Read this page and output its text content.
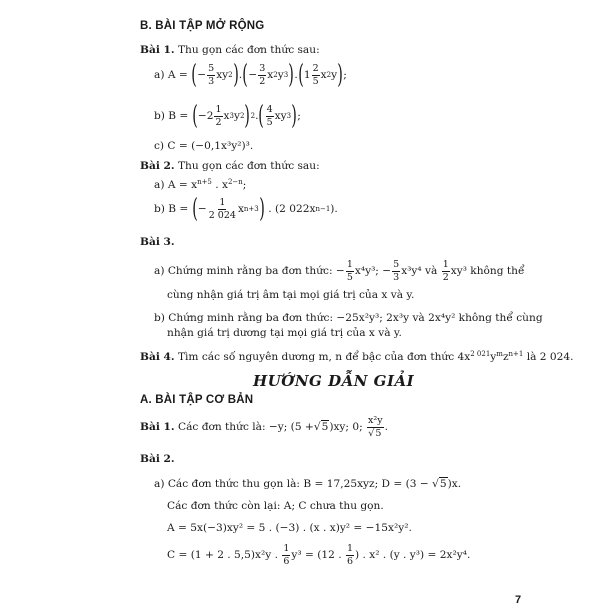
B. BÀI TẬP MỞ RỘNG
Bài 1. Thu gọn các đơn thức sau:
a) A =
( − $\frac{5}{3}$ xy 2 ) . ( − $\frac{3}{2}$ x 2 y 3 ) . ( $1 \frac{2}{5}$ x 2 y ) ;
b) B =
( $-2 \frac{1}{2}$ x 3 y 2 ) 2 . ( $\frac{4}{5}$ xy 3 ) ;
c) C = (−0,1x³y²)³.
Bài 2. Thu gọn các đơn thức sau:
a) $A = x^{n+5}$ . $x^{2-n}$;
b) B =
( − $\frac{1}{2 024}$ x n+3 )
. (2 022x n−1 ).
Bài 3.
a) Chứng minh rằng ba đơn thức: − $\frac{1}{5} x^4y^3$; − $\frac{5}{3} x^3y^4$ và
$\frac{1}{2} xy^3$ không thể
cùng nhận giá trị âm tại mọi giá trị của x và y.
b) Chứng minh rằng ba đơn thức: −25x²y³; 2x³y và 2x⁴y² không thể cùng
nhận giá trị dương tại mọi giá trị của x và y.
Bài 4. Tìm các số nguyên dương m, n để bậc của đơn thức $4x^{2 021}y^mz^{n+1}$ là 2 024.
HƯỚNG DẪN GIẢI
A. BÀI TẬP CƠ BẢN
Bài 1.
Các đơn thức là: −y; (5 + √5 )xy; 0;
$\frac{\text{x²y}}{√5}$ .
Bài 2.
a) Các đơn thức thu gọn là: B = 17,25xyz; D = (3 − √5)x.
Các đơn thức còn lại: A; C chưa thu gọn.
A = 5x(−3)xy² = 5 . (−3) . (x . x)y² = −15x²y².
C = (1 + 2 . 5,5)x²y .
$\frac{1}{6} y^3 = (12$ .
$\frac{1}{6}$ ) . x² . (y . y³) = 2x²y⁴.
7
